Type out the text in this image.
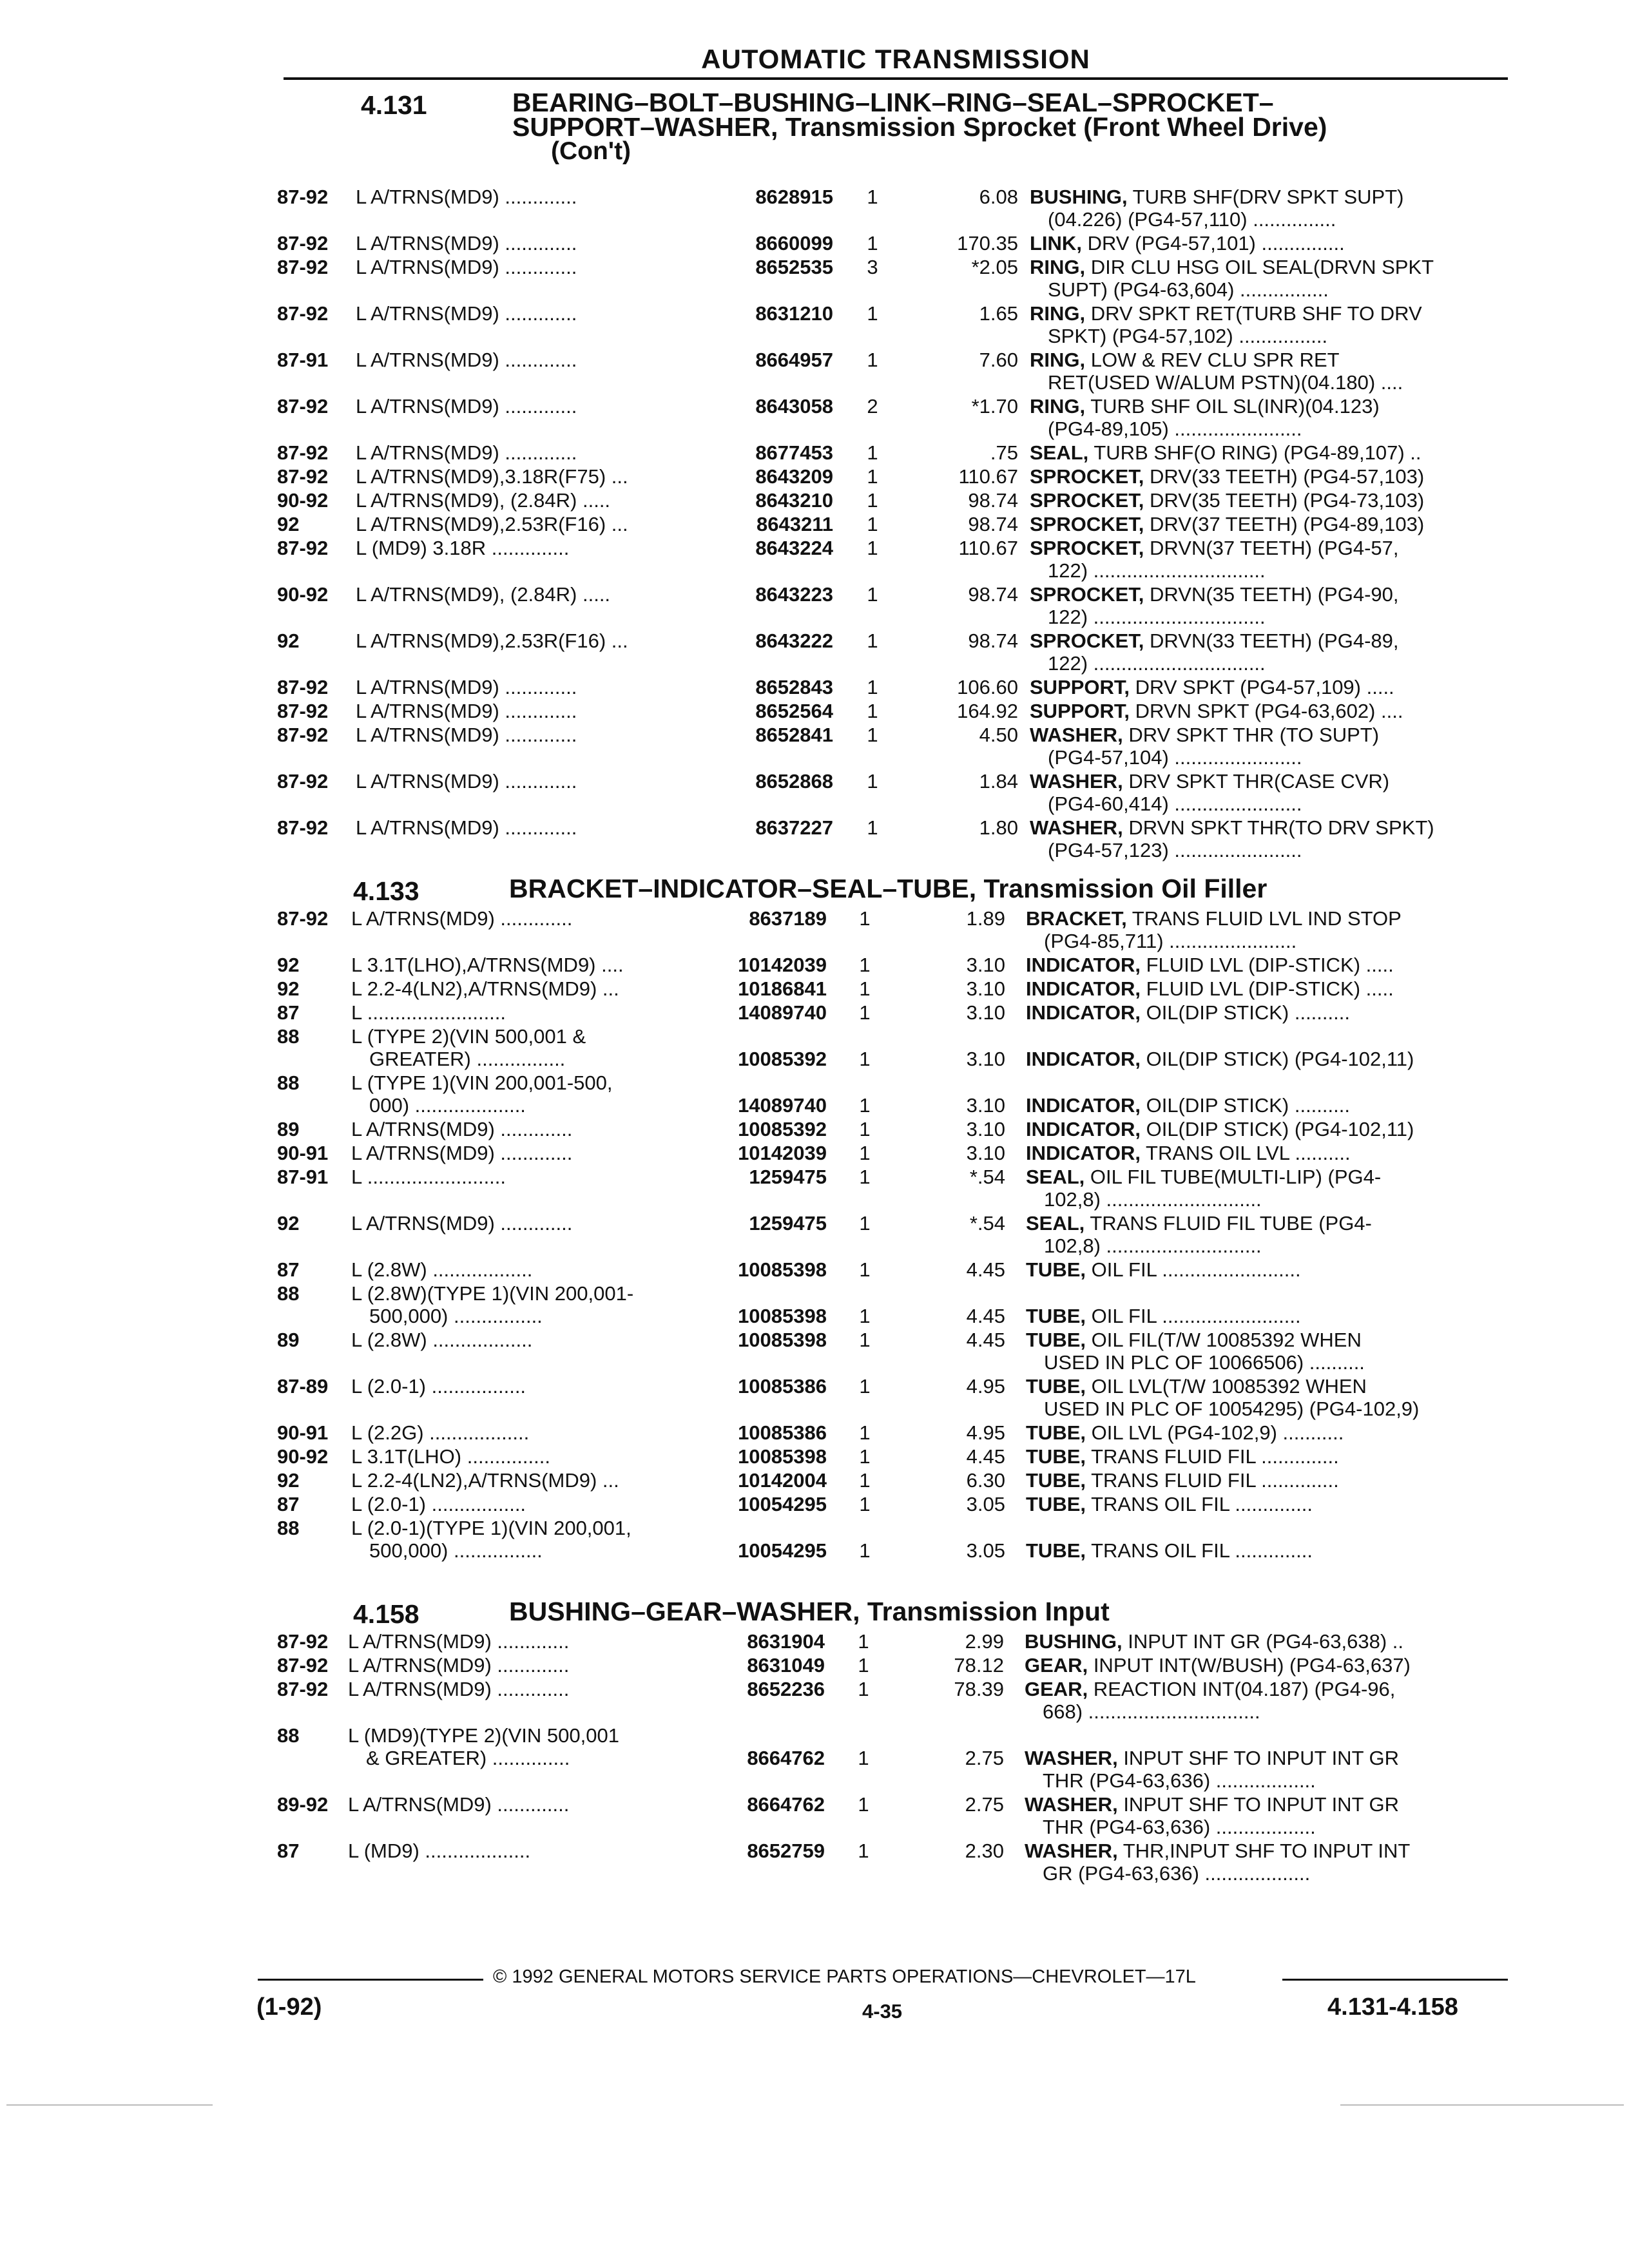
AUTOMATIC TRANSMISSION
4.131	BEARING–BOLT–BUSHING–LINK–RING–SEAL–SPROCKET–
SUPPORT–WASHER, Transmission Sprocket (Front Wheel Drive)
(Con't)
87-92	L A/TRNS(MD9) .............	8628915	1	6.08 BUSHING, TURB SHF(DRV SPKT SUPT)
(04.226) (PG4-57,110) ...............
87-92	L A/TRNS(MD9) .............	8660099	1	170.35 LINK, DRV (PG4-57,101) ...............
87-92	L A/TRNS(MD9) .............	8652535	3	*2.05 RING, DIR CLU HSG OIL SEAL(DRVN SPKT
SUPT) (PG4-63,604) ................
87-92	L A/TRNS(MD9) .............	8631210	1	1.65 RING, DRV SPKT RET(TURB SHF TO DRV
SPKT) (PG4-57,102) ................
87-91	L A/TRNS(MD9) .............	8664957	1	7.60 RING, LOW & REV CLU SPR RET
RET(USED W/ALUM PSTN)(04.180) ....
87-92	L A/TRNS(MD9) .............	8643058	2	*1.70 RING, TURB SHF OIL SL(INR)(04.123)
(PG4-89,105) .......................
87-92	L A/TRNS(MD9) .............	8677453	1	.75 SEAL, TURB SHF(O RING) (PG4-89,107) ..
87-92	L A/TRNS(MD9),3.18R(F75) ...	8643209	1	110.67 SPROCKET, DRV(33 TEETH) (PG4-57,103)
90-92	L A/TRNS(MD9), (2.84R) .....	8643210	1	98.74 SPROCKET, DRV(35 TEETH) (PG4-73,103)
92	L A/TRNS(MD9),2.53R(F16) ...	8643211	1	98.74 SPROCKET, DRV(37 TEETH) (PG4-89,103)
87-92	L (MD9) 3.18R ..............	8643224	1	110.67 SPROCKET, DRVN(37 TEETH) (PG4-57,
122) ...............................
90-92	L A/TRNS(MD9), (2.84R) .....	8643223	1	98.74 SPROCKET, DRVN(35 TEETH) (PG4-90,
122) ...............................
92	L A/TRNS(MD9),2.53R(F16) ...	8643222	1	98.74 SPROCKET, DRVN(33 TEETH) (PG4-89,
122) ...............................
87-92	L A/TRNS(MD9) .............	8652843	1	106.60 SUPPORT, DRV SPKT (PG4-57,109) .....
87-92	L A/TRNS(MD9) .............	8652564	1	164.92 SUPPORT, DRVN SPKT (PG4-63,602) ....
87-92	L A/TRNS(MD9) .............	8652841	1	4.50 WASHER, DRV SPKT THR (TO SUPT)
(PG4-57,104) .......................
87-92	L A/TRNS(MD9) .............	8652868	1	1.84 WASHER, DRV SPKT THR(CASE CVR)
(PG4-60,414) .......................
87-92	L A/TRNS(MD9) .............	8637227	1	1.80 WASHER, DRVN SPKT THR(TO DRV SPKT)
(PG4-57,123) .......................
4.133	BRACKET–INDICATOR–SEAL–TUBE, Transmission Oil Filler
87-92	L A/TRNS(MD9) .............	8637189	1	1.89 BRACKET, TRANS FLUID LVL IND STOP
(PG4-85,711) .......................
92	L 3.1T(LHO),A/TRNS(MD9) ....	10142039	1	3.10 INDICATOR, FLUID LVL (DIP-STICK) .....
92	L 2.2-4(LN2),A/TRNS(MD9) ...	10186841	1	3.10 INDICATOR, FLUID LVL (DIP-STICK) .....
87	L .........................	14089740	1	3.10 INDICATOR, OIL(DIP STICK) ..........
88	L (TYPE 2)(VIN 500,001 &
GREATER) ................	10085392	1	3.10 INDICATOR, OIL(DIP STICK) (PG4-102,11)
88	L (TYPE 1)(VIN 200,001-500,
000) ....................	14089740	1	3.10 INDICATOR, OIL(DIP STICK) ..........
89	L A/TRNS(MD9) .............	10085392	1	3.10 INDICATOR, OIL(DIP STICK) (PG4-102,11)
90-91	L A/TRNS(MD9) .............	10142039	1	3.10 INDICATOR, TRANS OIL LVL ..........
87-91	L .........................	1259475	1	*.54 SEAL, OIL FIL TUBE(MULTI-LIP) (PG4-
102,8) ............................
92	L A/TRNS(MD9) .............	1259475	1	*.54 SEAL, TRANS FLUID FIL TUBE (PG4-
102,8) ............................
87	L (2.8W) ..................	10085398	1	4.45 TUBE, OIL FIL .........................
88	L (2.8W)(TYPE 1)(VIN 200,001-
500,000) ................	10085398	1	4.45 TUBE, OIL FIL .........................
89	L (2.8W) ..................	10085398	1	4.45 TUBE, OIL FIL(T/W 10085392 WHEN
USED IN PLC OF 10066506) ..........
87-89	L (2.0-1) .................	10085386	1	4.95 TUBE, OIL LVL(T/W 10085392 WHEN
USED IN PLC OF 10054295) (PG4-102,9)
90-91	L (2.2G) ..................	10085386	1	4.95 TUBE, OIL LVL (PG4-102,9) ...........
90-92	L 3.1T(LHO) ...............	10085398	1	4.45 TUBE, TRANS FLUID FIL ..............
92	L 2.2-4(LN2),A/TRNS(MD9) ...	10142004	1	6.30 TUBE, TRANS FLUID FIL ..............
87	L (2.0-1) .................	10054295	1	3.05 TUBE, TRANS OIL FIL ..............
88	L (2.0-1)(TYPE 1)(VIN 200,001,
500,000) ................	10054295	1	3.05 TUBE, TRANS OIL FIL ..............
4.158	BUSHING–GEAR–WASHER, Transmission Input
87-92 L A/TRNS(MD9) .............	8631904	1	2.99 BUSHING, INPUT INT GR (PG4-63,638) ..
87-92 L A/TRNS(MD9) .............	8631049	1	78.12 GEAR, INPUT INT(W/BUSH) (PG4-63,637)
87-92 L A/TRNS(MD9) .............	8652236	1	78.39 GEAR, REACTION INT(04.187) (PG4-96,
668) ...............................
88	L (MD9)(TYPE 2)(VIN 500,001
& GREATER) ..............	8664762	1	2.75 WASHER, INPUT SHF TO INPUT INT GR
THR (PG4-63,636) ..................
89-92 L A/TRNS(MD9) .............	8664762	1	2.75 WASHER, INPUT SHF TO INPUT INT GR
THR (PG4-63,636) ..................
87	L (MD9) ...................	8652759	1	2.30 WASHER, THR,INPUT SHF TO INPUT INT
GR (PG4-63,636) ...................
© 1992 GENERAL MOTORS SERVICE PARTS OPERATIONS—CHEVROLET—17L
(1-92)	4-35	4.131-4.158
